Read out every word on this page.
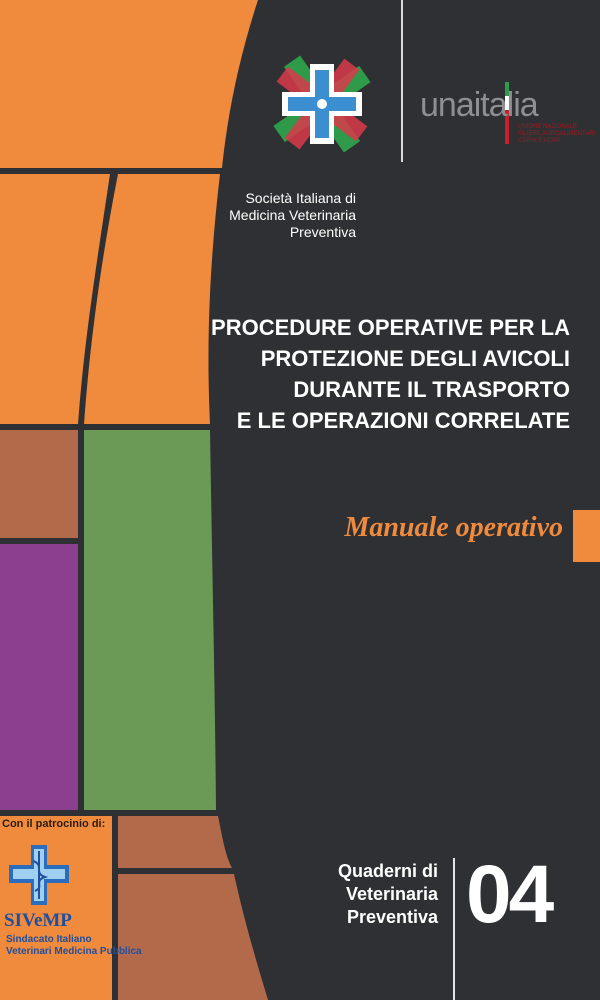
Società Italiana di
Medicina Veterinaria
Preventiva
unaitalia
UNIONE NAZIONALE
FILIERE AGROALIMENTARI
CARNI E UOVA
PROCEDURE OPERATIVE PER LA
PROTEZIONE DEGLI AVICOLI
DURANTE IL TRASPORTO
E LE OPERAZIONI CORRELATE
Manuale operativo
Quaderni di
Veterinaria
Preventiva 04
Con il patrocinio di:
SIVeMP
Sindacato Italiano
Veterinari Medicina Pubblica
